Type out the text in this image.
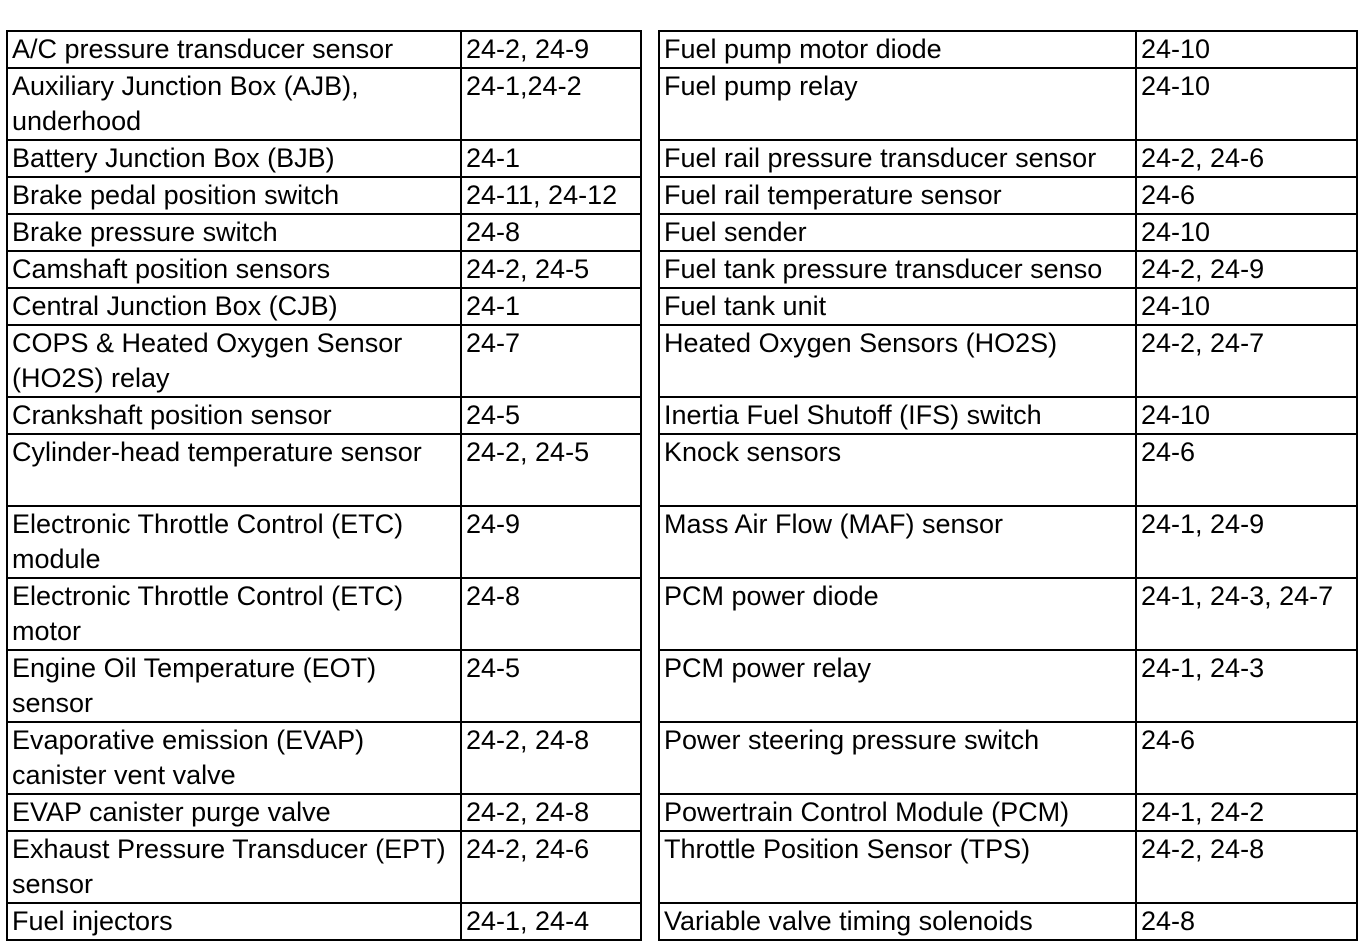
A/C pressure transducer sensor	24-2, 24-9
Auxiliary Junction Box (AJB), underhood	24-1,24-2
Battery Junction Box (BJB)	24-1
Brake pedal position switch	24-11, 24-12
Brake pressure switch	24-8
Camshaft position sensors	24-2, 24-5
Central Junction Box (CJB)	24-1
COPS & Heated Oxygen Sensor (HO2S) relay	24-7
Crankshaft position sensor	24-5
Cylinder-head temperature sensor	24-2, 24-5
Electronic Throttle Control (ETC) module	24-9
Electronic Throttle Control (ETC) motor	24-8
Engine Oil Temperature (EOT) sensor	24-5
Evaporative emission (EVAP) canister vent valve	24-2, 24-8
EVAP canister purge valve	24-2, 24-8
Exhaust Pressure Transducer (EPT) sensor	24-2, 24-6
Fuel injectors	24-1, 24-4
Fuel pump motor diode	24-10
Fuel pump relay	24-10
Fuel rail pressure transducer sensor	24-2, 24-6
Fuel rail temperature sensor	24-6
Fuel sender	24-10
Fuel tank pressure transducer senso	24-2, 24-9
Fuel tank unit	24-10
Heated Oxygen Sensors (HO2S)	24-2, 24-7
Inertia Fuel Shutoff (IFS) switch	24-10
Knock sensors	24-6
Mass Air Flow (MAF) sensor	24-1, 24-9
PCM power diode	24-1, 24-3, 24-7
PCM power relay	24-1, 24-3
Power steering pressure switch	24-6
Powertrain Control Module (PCM)	24-1, 24-2
Throttle Position Sensor (TPS)	24-2, 24-8
Variable valve timing solenoids	24-8
